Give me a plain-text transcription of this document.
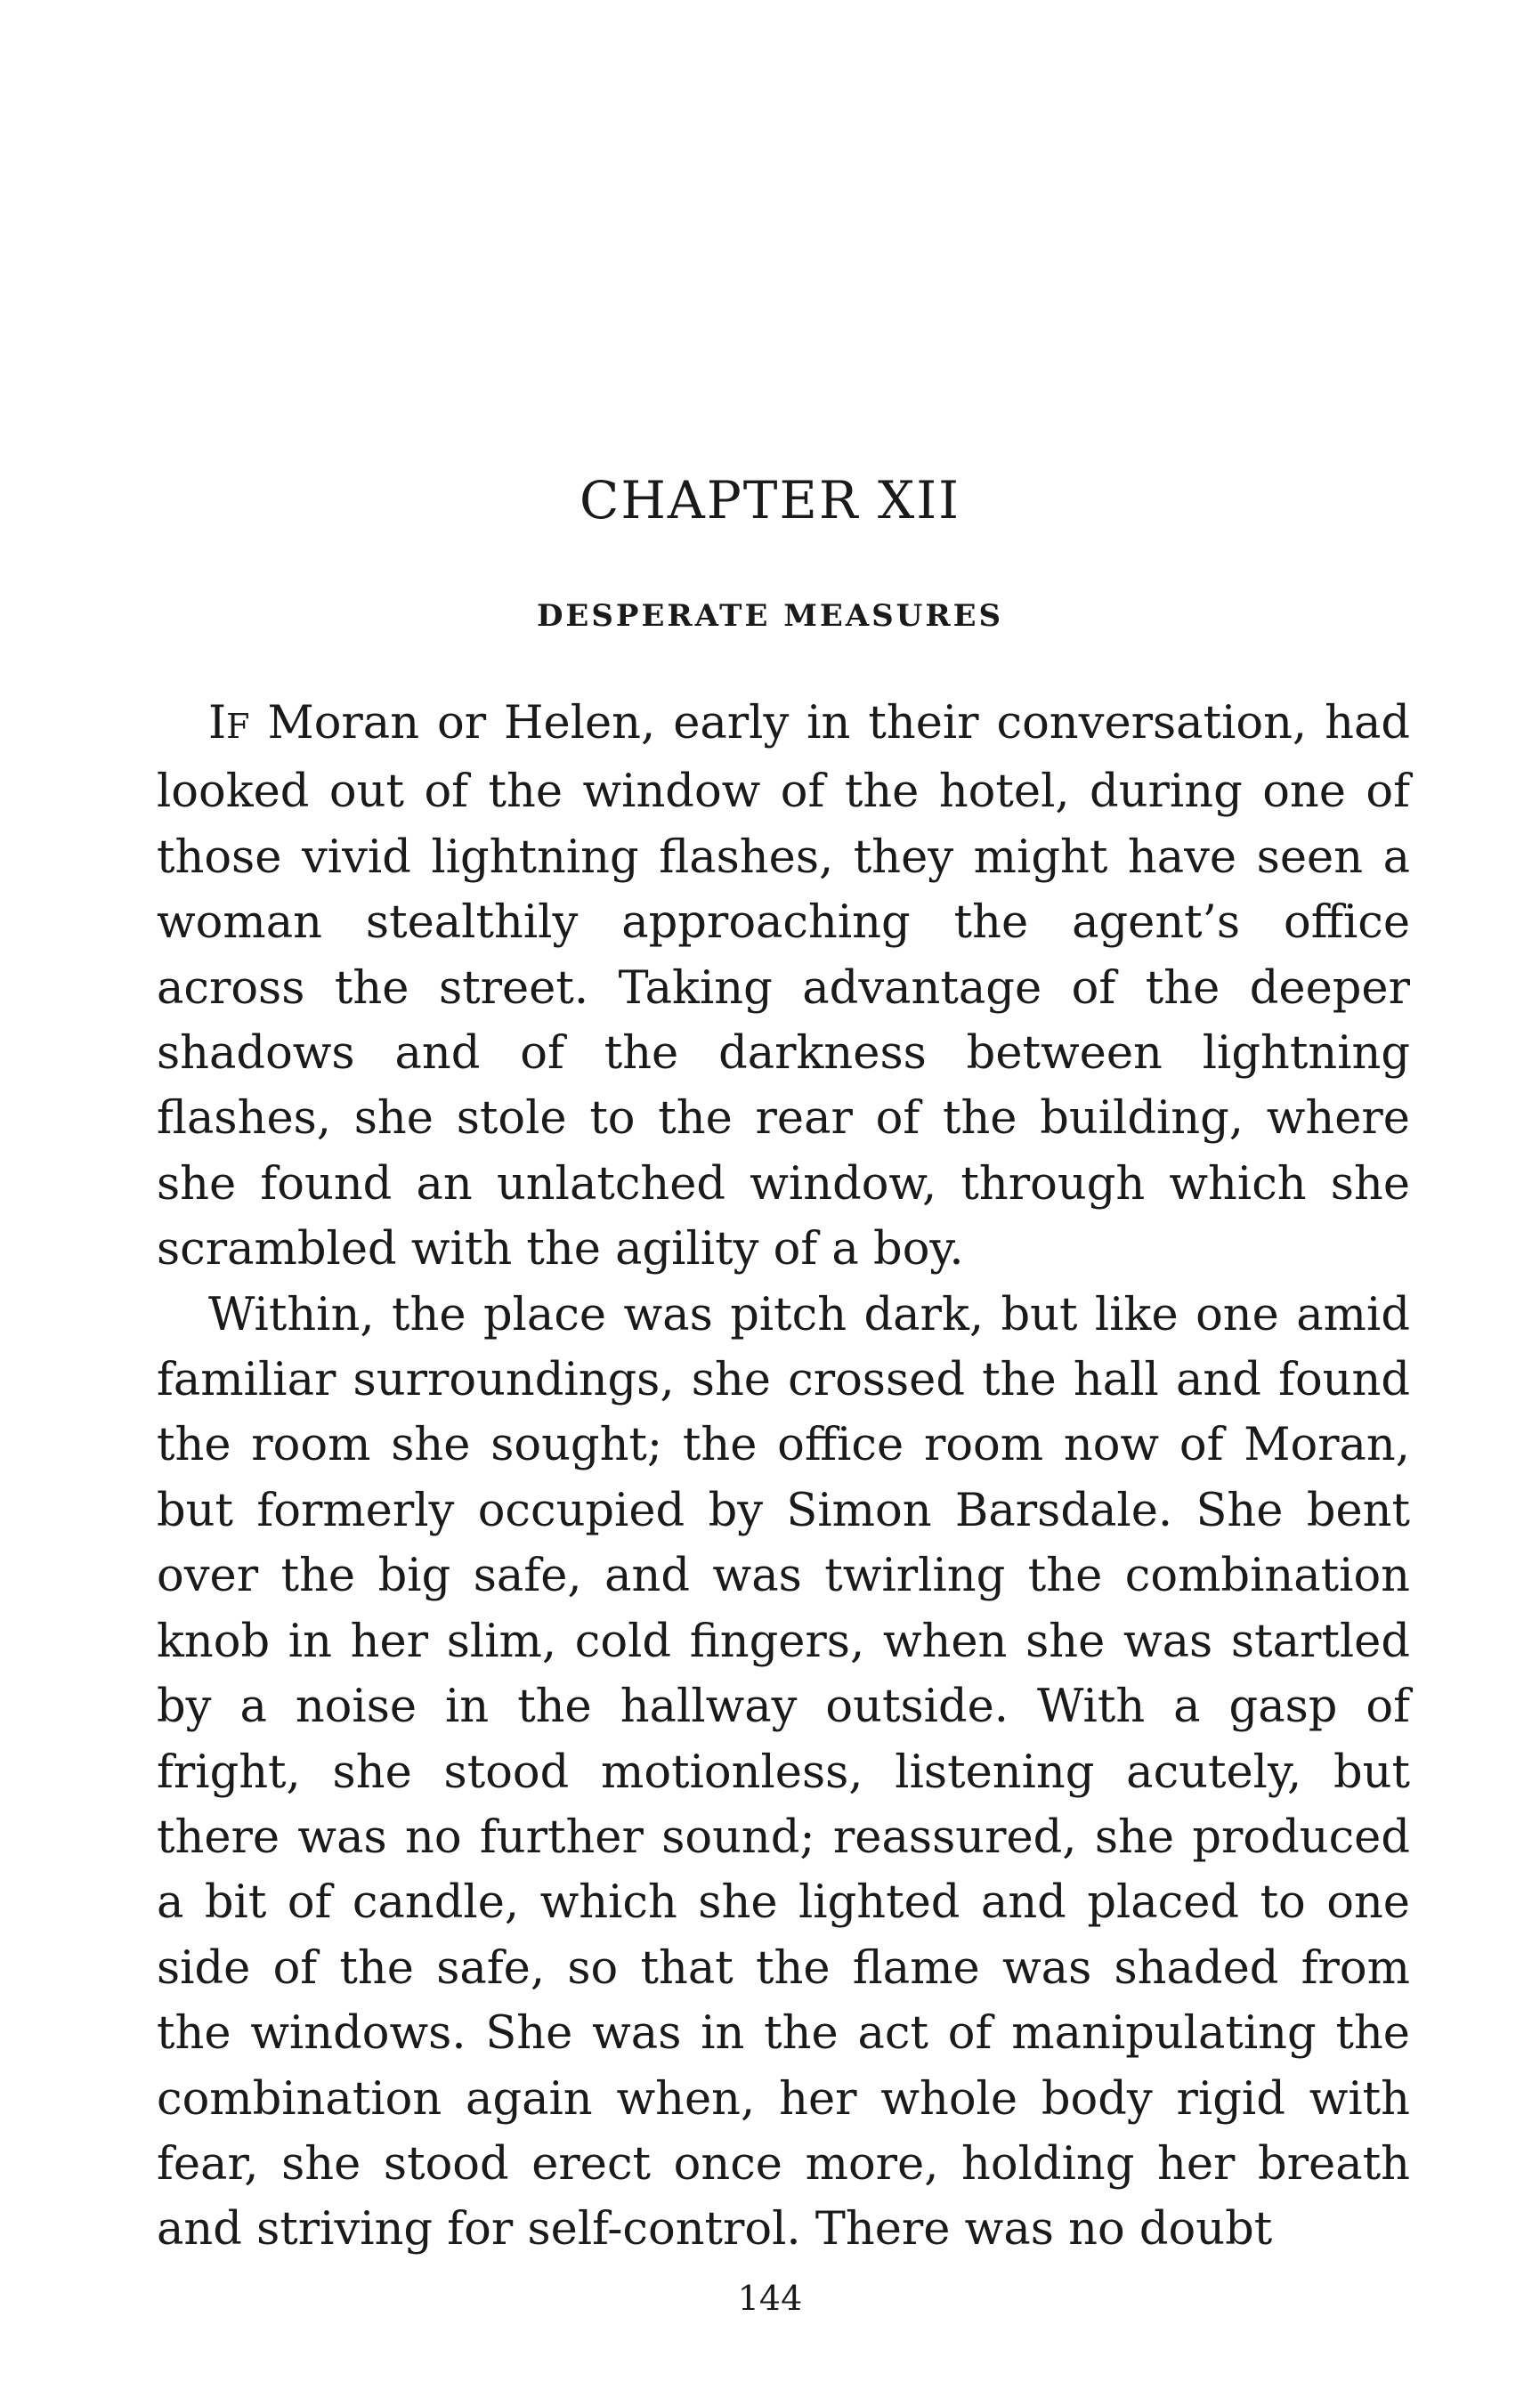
CHAPTER XII
DESPERATE MEASURES

IF Moran or Helen, early in their conversation, had looked out of the window of the hotel, during one of those vivid lightning flashes, they might have seen a woman stealthily approaching the agent’s office across the street. Taking advantage of the deeper shadows and of the darkness between lightning flashes, she stole to the rear of the building, where she found an unlatched window, through which she scrambled with the agility of a boy.

Within, the place was pitch dark, but like one amid familiar surroundings, she crossed the hall and found the room she sought; the office room now of Moran, but formerly occupied by Simon Barsdale. She bent over the big safe, and was twirling the combination knob in her slim, cold fingers, when she was startled by a noise in the hallway outside. With a gasp of fright, she stood motionless, listening acutely, but there was no further sound; reassured, she produced a bit of candle, which she lighted and placed to one side of the safe, so that the flame was shaded from the windows. She was in the act of manipulating the combination again when, her whole body rigid with fear, she stood erect once more, holding her breath and striving for self-control. There was no doubt

144
